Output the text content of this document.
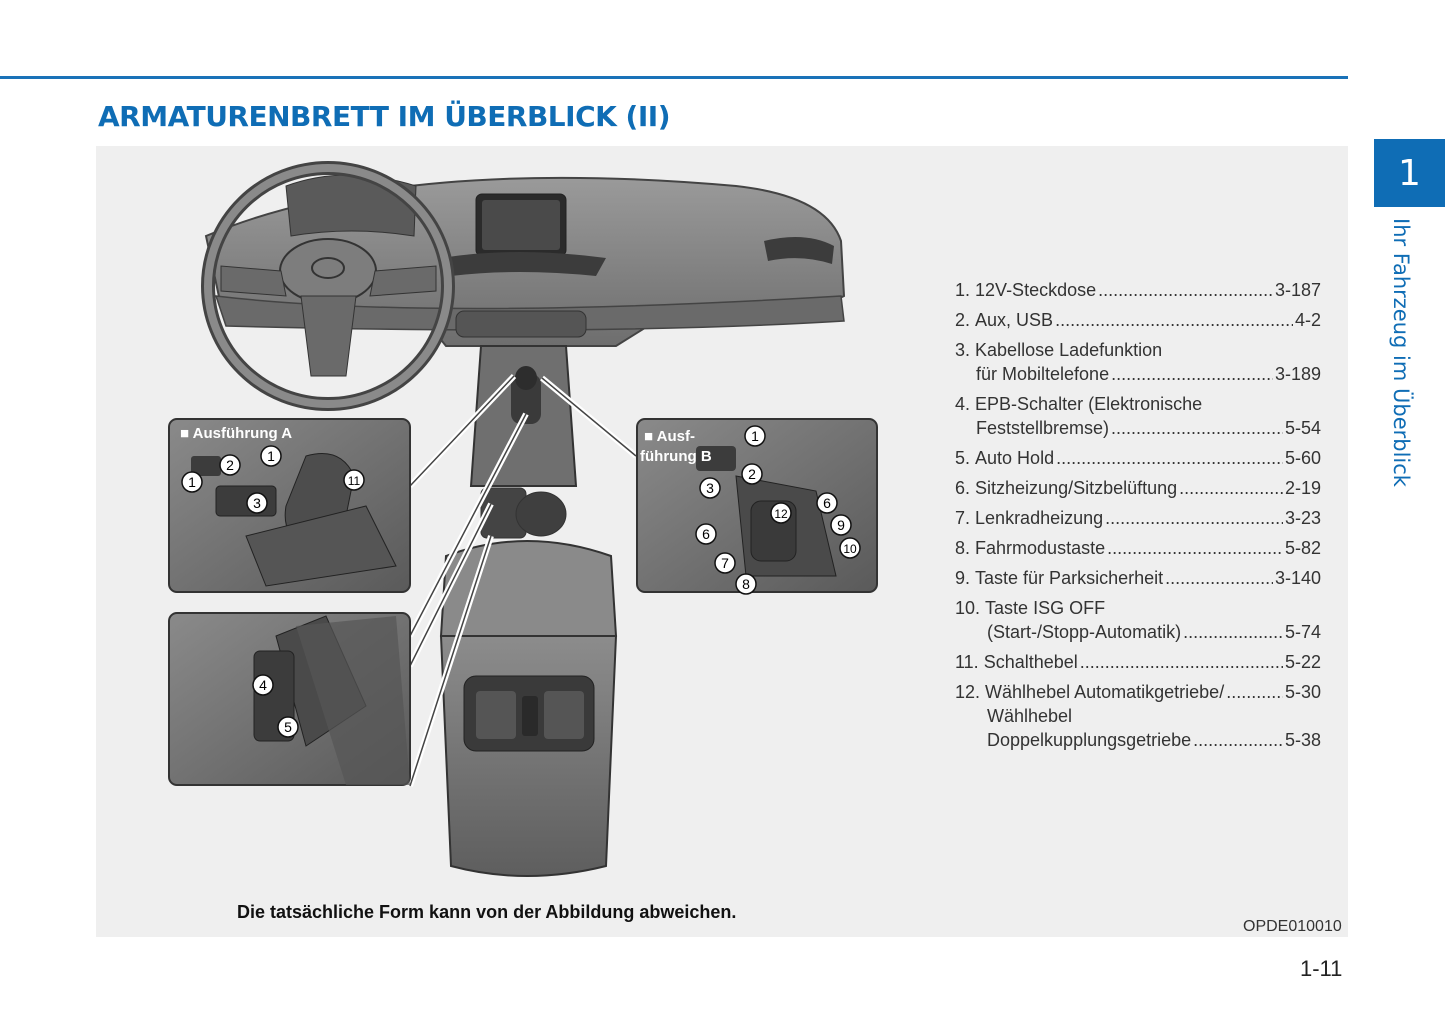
ARMATURENBRETT IM ÜBERBLICK (II)
1
Ihr Fahrzeug im Überblick
■ Ausführung A	■ Ausf-
führung B
1
2
1
3
11
4
5
1
2
3
6
12
9
6
10
7
8
1.
12V-Steckdose .....	3-187
2.
Aux, USB .....	4-2
3.
Kabellose Ladefunktion
für Mobiltelefone .....	3-189
4.
EPB-Schalter (Elektronische
Feststellbremse) .....	5-54
5.
Auto Hold .....	5-60
6.
Sitzheizung/Sitzbelüftung .....	2-19
7.
Lenkradheizung .....	3-23
8.
Fahrmodustaste .....	5-82
9.
Taste für Parksicherheit .....	3-140
10.
Taste ISG OFF
(Start-/Stopp-Automatik) .....	5-74
11.
Schalthebel .....	5-22
12.
Wählhebel Automatikgetriebe/ .....	5-30
Wählhebel
Doppelkupplungsgetriebe .....	5-38
Die tatsächliche Form kann von der Abbildung abweichen.
OPDE010010
1-11
